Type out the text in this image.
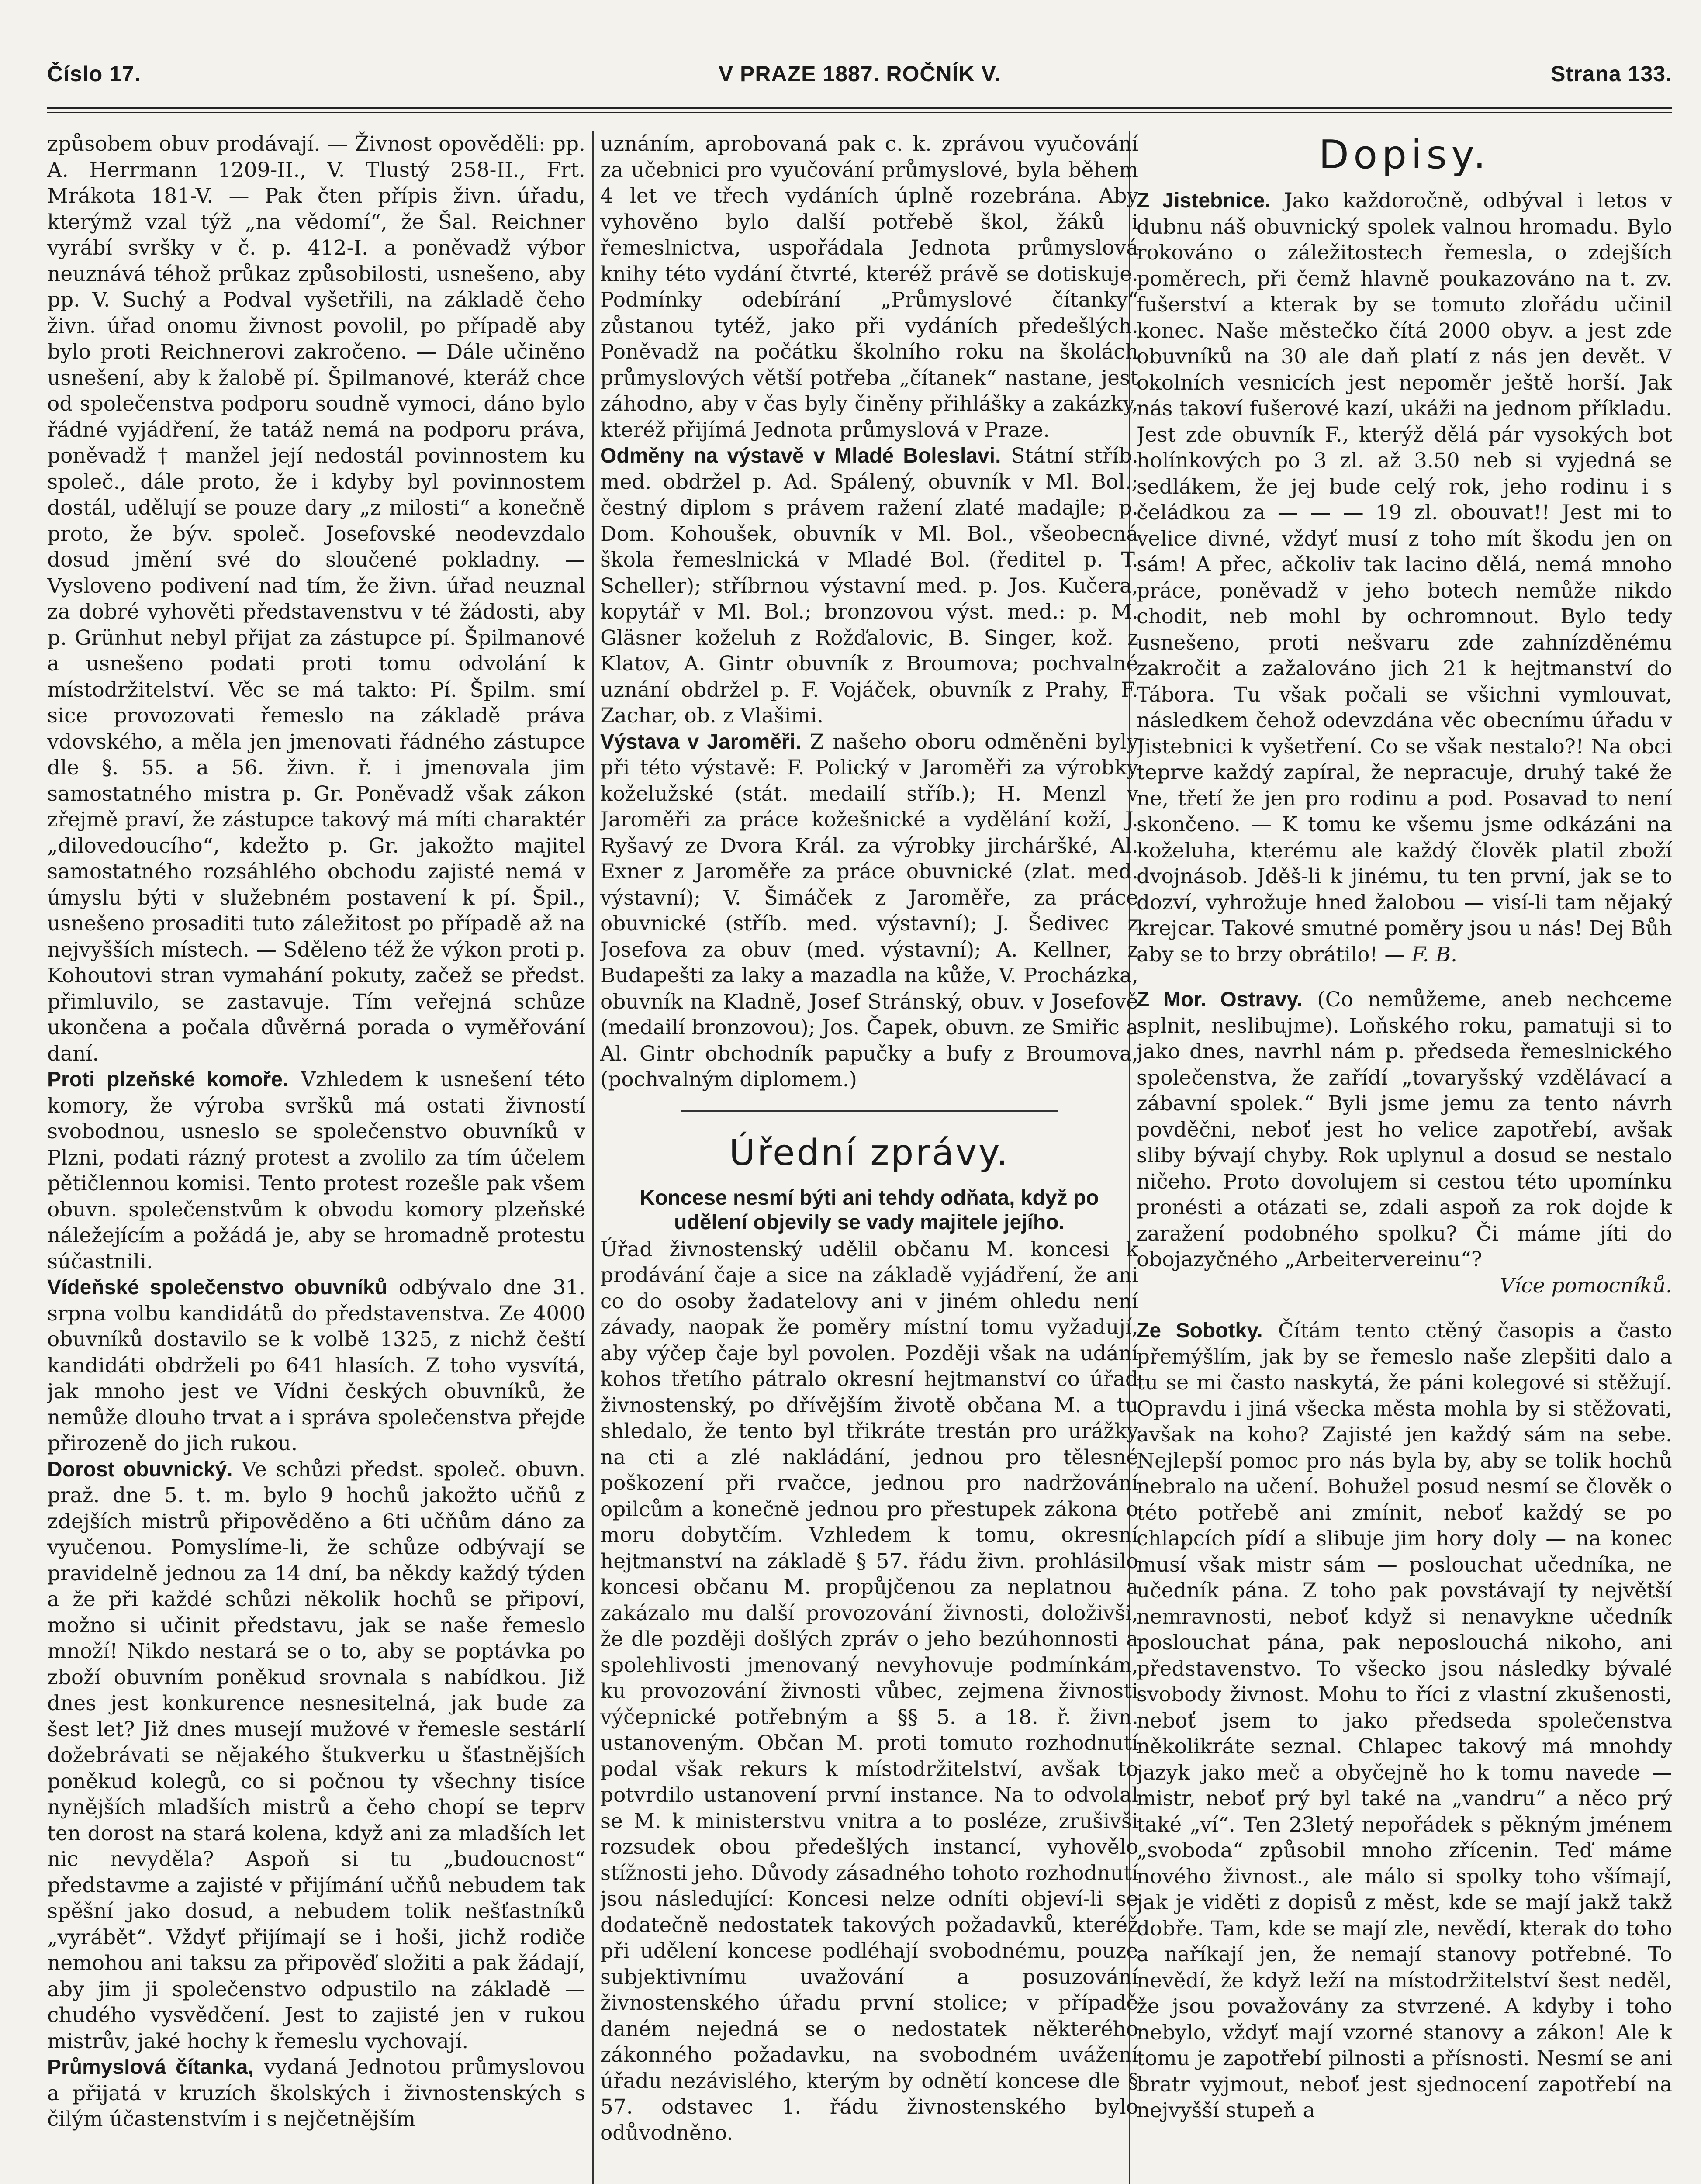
Číslo 17.	V PRAZE 1887. ROČNÍK V.	Strana 133.

způsobem obuv prodávají. — Živnost opověděli: pp. A. Herrmann 1209-II., V. Tlustý 258-II., Frt. Mrákota 181-V. — Pak čten přípis živn. úřadu, kterýmž vzal týž „na vědomí“, že Šal. Reichner vyrábí svršky v č. p. 412-I. a poněvadž výbor neuznává téhož průkaz způsobilosti, usnešeno, aby pp. V. Suchý a Podval vyšetřili, na základě čeho živn. úřad onomu živnost povolil, po případě aby bylo proti Reichnerovi zakročeno. — Dále učiněno usnešení, aby k žalobě pí. Špilmanové, kteráž chce od společenstva podporu soudně vymoci, dáno bylo řádné vyjádření, že tatáž nemá na podporu práva, poněvadž † manžel její nedostál povinnostem ku společ., dále proto, že i kdyby byl povinnostem dostál, udělují se pouze dary „z milosti“ a konečně proto, že býv. společ. Josefovské neodevzdalo dosud jmění své do sloučené pokladny. — Vysloveno podivení nad tím, že živn. úřad neuznal za dobré vyhověti představenstvu v té žádosti, aby p. Grünhut nebyl přijat za zástupce pí. Špilmanové a usnešeno podati proti tomu odvolání k místodržitelství. Věc se má takto: Pí. Špilm. smí sice provozovati řemeslo na základě práva vdovského, a měla jen jmenovati řádného zástupce dle §. 55. a 56. živn. ř. i jmenovala jim samostatného mistra p. Gr. Poněvadž však zákon zřejmě praví, že zástupce takový má míti charaktér „dilovedoucího“, kdežto p. Gr. jakožto majitel samostatného rozsáhlého obchodu zajisté nemá v úmyslu býti v služebném postavení k pí. Špil., usnešeno prosaditi tuto záležitost po případě až na nejvyšších místech. — Sděleno též že výkon proti p. Kohoutovi stran vymahání pokuty, začež se předst. přimluvilo, se zastavuje. Tím veřejná schůze ukončena a počala důvěrná porada o vyměřování daní.

Proti plzeňské komoře. Vzhledem k usnešení této komory, že výroba svršků má ostati živností svobodnou, usneslo se společenstvo obuvníků v Plzni, podati rázný protest a zvolilo za tím účelem pětičlennou komisi. Tento protest rozešle pak všem obuvn. společenstvům k obvodu komory plzeňské náležejícím a požádá je, aby se hromadně protestu súčastnili.

Vídeňské společenstvo obuvníků odbývalo dne 31. srpna volbu kandidátů do představenstva. Ze 4000 obuvníků dostavilo se k volbě 1325, z nichž čeští kandidáti obdrželi po 641 hlasích. Z toho vysvítá, jak mnoho jest ve Vídni českých obuvníků, že nemůže dlouho trvat a i správa společenstva přejde přirozeně do jich rukou.

Dorost obuvnický. Ve schůzi předst. společ. obuvn. praž. dne 5. t. m. bylo 9 hochů jakožto učňů z zdejších mistrů připověděno a 6ti učňům dáno za vyučenou. Pomyslíme-li, že schůze odbývají se pravidelně jednou za 14 dní, ba někdy každý týden a že při každé schůzi několik hochů se připoví, možno si učinit představu, jak se naše řemeslo množí! Nikdo nestará se o to, aby se poptávka po zboží obuvním poněkud srovnala s nabídkou. Již dnes jest konkurence nesnesitelná, jak bude za šest let? Již dnes musejí mužové v řemesle sestárlí dožebrávati se nějakého štukverku u šťastnějších poněkud kolegů, co si počnou ty všechny tisíce nynějších mladších mistrů a čeho chopí se teprv ten dorost na stará kolena, když ani za mladších let nic nevyděla? Aspoň si tu „budoucnost“ představme a zajisté v přijímání učňů nebudem tak spěšní jako dosud, a nebudem tolik nešťastníků „vyrábět“. Vždyť přijímají se i hoši, jichž rodiče nemohou ani taksu za připověď složiti a pak žádají, aby jim ji společenstvo odpustilo na základě — chudého vysvědčení. Jest to zajisté jen v rukou mistrův, jaké hochy k řemeslu vychovají.

Průmyslová čítanka, vydaná Jednotou průmyslovou a přijatá v kruzích školských i živnostenských s čilým účastenstvím i s nejčetnějším

uznáním, aprobovaná pak c. k. zprávou vyučování za učebnici pro vyučování průmyslové, byla během 4 let ve třech vydáních úplně rozebrána. Aby vyhověno bylo další potřebě škol, žáků i řemeslnictva, uspořádala Jednota průmyslová knihy této vydání čtvrté, kteréž právě se dotiskuje. Podmínky odebírání „Průmyslové čítanky“ zůstanou tytéž, jako při vydáních předešlých. Poněvadž na počátku školního roku na školách průmyslových větší potřeba „čítanek“ nastane, jest záhodno, aby v čas byly činěny přihlášky a zakázky, kteréž přijímá Jednota průmyslová v Praze.

Odměny na výstavě v Mladé Boleslavi. Státní stříb. med. obdržel p. Ad. Spálený, obuvník v Ml. Bol.; čestný diplom s právem ražení zlaté madajle; p. Dom. Kohoušek, obuvník v Ml. Bol., všeobecná škola řemeslnická v Mladé Bol. (ředitel p. T. Scheller); stříbrnou výstavní med. p. Jos. Kučera, kopytář v Ml. Bol.; bronzovou výst. med.: p. M. Gläsner koželuh z Rožďalovic, B. Singer, kož. z Klatov, A. Gintr obuvník z Broumova; pochvalné uznání obdržel p. F. Vojáček, obuvník z Prahy, F. Zachar, ob. z Vlašimi.

Výstava v Jaroměři. Z našeho oboru odměněni byly při této výstavě: F. Polický v Jaroměři za výrobky koželužské (stát. medailí stříb.); H. Menzl v Jaroměři za práce kožešnické a vydělání koží, J. Ryšavý ze Dvora Král. za výrobky jircháršké, Al. Exner z Jaroměře za práce obuvnické (zlat. med. výstavní); V. Šimáček z Jaroměře, za práce obuvnické (stříb. med. výstavní); J. Šedivec z Josefova za obuv (med. výstavní); A. Kellner, z Budapešti za laky a mazadla na kůže, V. Procházka, obuvník na Kladně, Josef Stránský, obuv. v Josefově (medailí bronzovou); Jos. Čapek, obuvn. ze Smiřic a Al. Gintr obchodník papučky a bufy z Broumova, (pochvalným diplomem.)

Úřední zprávy.
Koncese nesmí býti ani tehdy odňata, když po udělení objevily se vady majitele jejího.

Úřad živnostenský udělil občanu M. koncesi k prodávání čaje a sice na základě vyjádření, že ani co do osoby žadatelovy ani v jiném ohledu není závady, naopak že poměry místní tomu vyžadují, aby výčep čaje byl povolen. Později však na udání kohos třetího pátralo okresní hejtmanství co úřad živnostenský, po dřívějším životě občana M. a tu shledalo, že tento byl třikráte trestán pro urážky na cti a zlé nakládání, jednou pro tělesné poškození při rvačce, jednou pro nadržování opilcům a konečně jednou pro přestupek zákona o moru dobytčím. Vzhledem k tomu, okresní hejtmanství na základě § 57. řádu živn. prohlásilo koncesi občanu M. propůjčenou za neplatnou a zakázalo mu další provozování živnosti, doloživši, že dle později došlých zpráv o jeho bezúhonnosti a spolehlivosti jmenovaný nevyhovuje podmínkám, ku provozování živnosti vůbec, zejmena živnosti výčepnické potřebným a §§ 5. a 18. ř. živn. ustanoveným. Občan M. proti tomuto rozhodnutí podal však rekurs k místodržitelství, avšak to potvrdilo ustanovení první instance. Na to odvolal se M. k ministerstvu vnitra a to posléze, zrušivši rozsudek obou předešlých instancí, vyhovělo stížnosti jeho. Důvody zásadného tohoto rozhodnutí jsou následující: Koncesi nelze odníti objeví-li se dodatečně nedostatek takových požadavků, kteréž při udělení koncese podléhají svobodnému, pouze subjektivnímu uvažování a posuzování živnostenského úřadu první stolice; v případě daném nejedná se o nedostatek některého zákonného požadavku, na svobodném uvážení úřadu nezávislého, kterým by odnětí koncese dle § 57. odstavec 1. řádu živnostenského bylo odůvodněno.

Dopisy.

Z Jistebnice. Jako každoročně, odbýval i letos v dubnu náš obuvnický spolek valnou hromadu. Bylo rokováno o záležitostech řemesla, o zdejších poměrech, při čemž hlavně poukazováno na t. zv. fušerství a kterak by se tomuto zlořádu učinil konec. Naše městečko čítá 2000 obyv. a jest zde obuvníků na 30 ale daň platí z nás jen devět. V okolních vesnicích jest nepoměr ještě horší. Jak nás takoví fušerové kazí, ukáži na jednom příkladu. Jest zde obuvník F., kterýž dělá pár vysokých bot holínkových po 3 zl. až 3.50 neb si vyjedná se sedlákem, že jej bude celý rok, jeho rodinu i s čeládkou za — — — 19 zl. obouvat!! Jest mi to velice divné, vždyť musí z toho mít škodu jen on sám! A přec, ačkoliv tak lacino dělá, nemá mnoho práce, poněvadž v jeho botech nemůže nikdo chodit, neb mohl by ochromnout. Bylo tedy usnešeno, proti nešvaru zde zahnízděnému zakročit a zažalováno jich 21 k hejtmanství do Tábora. Tu však počali se všichni vymlouvat, následkem čehož odevzdána věc obecnímu úřadu v Jistebnici k vyšetření. Co se však nestalo?! Na obci teprve každý zapíral, že nepracuje, druhý také že ne, třetí že jen pro rodinu a pod. Posavad to není skončeno. — K tomu ke všemu jsme odkázáni na koželuha, kterému ale každý člověk platil zboží dvojnásob. Jděš-li k jinému, tu ten první, jak se to dozví, vyhrožuje hned žalobou — visí-li tam nějaký krejcar. Takové smutné poměry jsou u nás! Dej Bůh aby se to brzy obrátilo! — F. B.

Z Mor. Ostravy. (Co nemůžeme, aneb nechceme splnit, neslibujme). Loňského roku, pamatuji si to jako dnes, navrhl nám p. předseda řemeslnického společenstva, že zařídí „tovaryšský vzdělávací a zábavní spolek.“ Byli jsme jemu za tento návrh povděčni, neboť jest ho velice zapotřebí, avšak sliby bývají chyby. Rok uplynul a dosud se nestalo ničeho. Proto dovolujem si cestou této upomínku pronésti a otázati se, zdali aspoň za rok dojde k zaražení podobného spolku? Či máme jíti do obojazyčného „Arbeitervereinu“?

Více pomocníků.

Ze Sobotky. Čítám tento ctěný časopis a často přemýšlím, jak by se řemeslo naše zlepšiti dalo a tu se mi často naskytá, že páni kolegové si stěžují. Opravdu i jiná všecka města mohla by si stěžovati, avšak na koho? Zajisté jen každý sám na sebe. Nejlepší pomoc pro nás byla by, aby se tolik hochů nebralo na učení. Bohužel posud nesmí se člověk o této potřebě ani zmínit, neboť každý se po chlapcích pídí a slibuje jim hory doly — na konec musí však mistr sám — poslouchat učedníka, ne učedník pána. Z toho pak povstávají ty největší nemravnosti, neboť když si nenavykne učedník poslouchat pána, pak neposlouchá nikoho, ani představenstvo. To všecko jsou následky bývalé svobody živnost. Mohu to říci z vlastní zkušenosti, neboť jsem to jako předseda společenstva několikráte seznal. Chlapec takový má mnohdy jazyk jako meč a obyčejně ho k tomu navede — mistr, neboť prý byl také na „vandru“ a něco prý také „ví“. Ten 23letý nepořádek s pěkným jménem „svoboda“ způsobil mnoho zřícenin. Teď máme nového živnost., ale málo si spolky toho všímají, jak je viděti z dopisů z měst, kde se mají jakž takž dobře. Tam, kde se mají zle, nevědí, kterak do toho a naříkají jen, že nemají stanovy potřebné. To nevědí, že když leží na místodržitelství šest neděl, že jsou považovány za stvrzené. A kdyby i toho nebylo, vždyť mají vzorné stanovy a zákon! Ale k tomu je zapotřebí pilnosti a přísnosti. Nesmí se ani bratr vyjmout, neboť jest sjednocení zapotřebí na nejvyšší stupeň a
